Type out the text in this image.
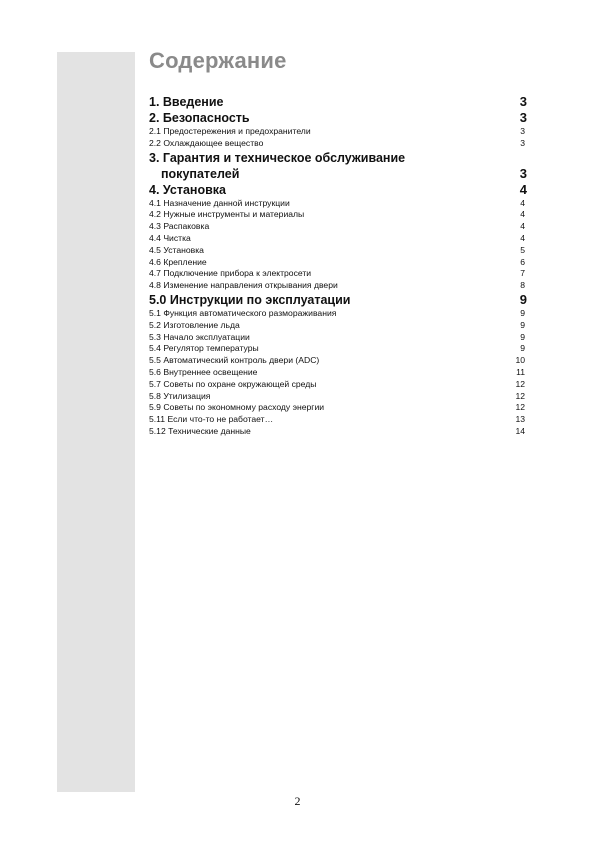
Содержание
1. Введение	3
2. Безопасность	3
2.1 Предостережения и предохранители	3
2.2 Охлаждающее вещество	3
3. Гарантия и техническое обслуживание
покупателей	3
4. Установка	4
4.1 Назначение данной инструкции	4
4.2 Нужные инструменты и материалы	4
4.3 Распаковка	4
4.4 Чистка	4
4.5 Установка	5
4.6 Крепление	6
4.7 Подключение прибора к электросети	7
4.8 Изменение направления открывания двери	8
5.0 Инструкции по эксплуатации	9
5.1 Функция автоматического размораживания	9
5.2 Изготовление льда	9
5.3 Начало эксплуатации	9
5.4 Регулятор температуры	9
5.5 Автоматический контроль двери (ADC)	10
5.6 Внутреннее освещение	11
5.7 Советы по охране окружающей среды	12
5.8 Утилизация	12
5.9 Советы по экономному расходу энергии	12
5.11 Если что-то не работает…	13
5.12 Технические данные	14
2
